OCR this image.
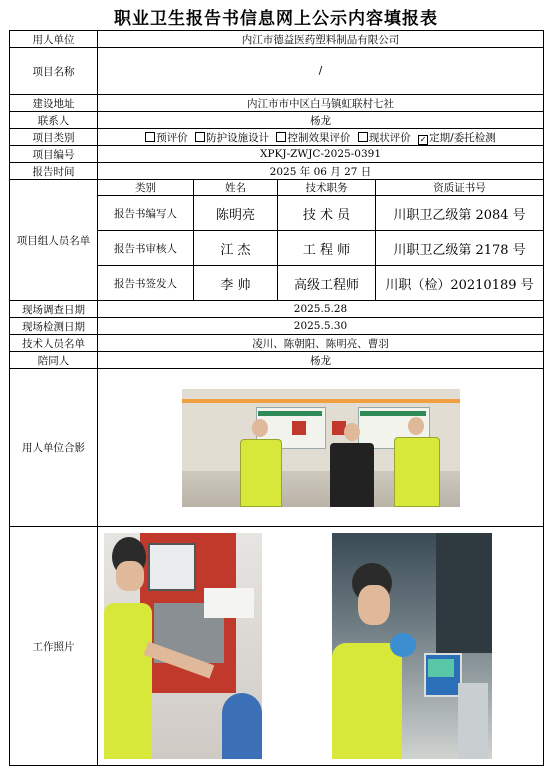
职业卫生报告书信息网上公示内容填报表
用人单位	内江市德益医药塑料制品有限公司			
项目名称	/			
建设地址	内江市市中区白马镇虹联村七社			
联系人	杨龙			
项目类别	预评价 防护设施设计 控制效果评价 现状评价 ✓ 定期/委托检测			
项目编号	XPKJ-ZWJC-2025-0391			
报告时间	2025 年 06 月 27 日			
项目组人员名单	类别	姓名	技术职务	资质证书号
	报告书编写人	陈明亮	技 术 员	川职卫乙级第 2084 号
	报告书审核人	江 杰	工 程 师	川职卫乙级第 2178 号
	报告书签发人	李 帅	高级工程师	川职（检）20210189 号
现场调查日期	2025.5.28			
现场检测日期	2025.5.30			
技术人员名单	凌川、陈朝阳、陈明亮、曹羽			
陪同人	杨龙			
用人单位合影				

工作照片				
